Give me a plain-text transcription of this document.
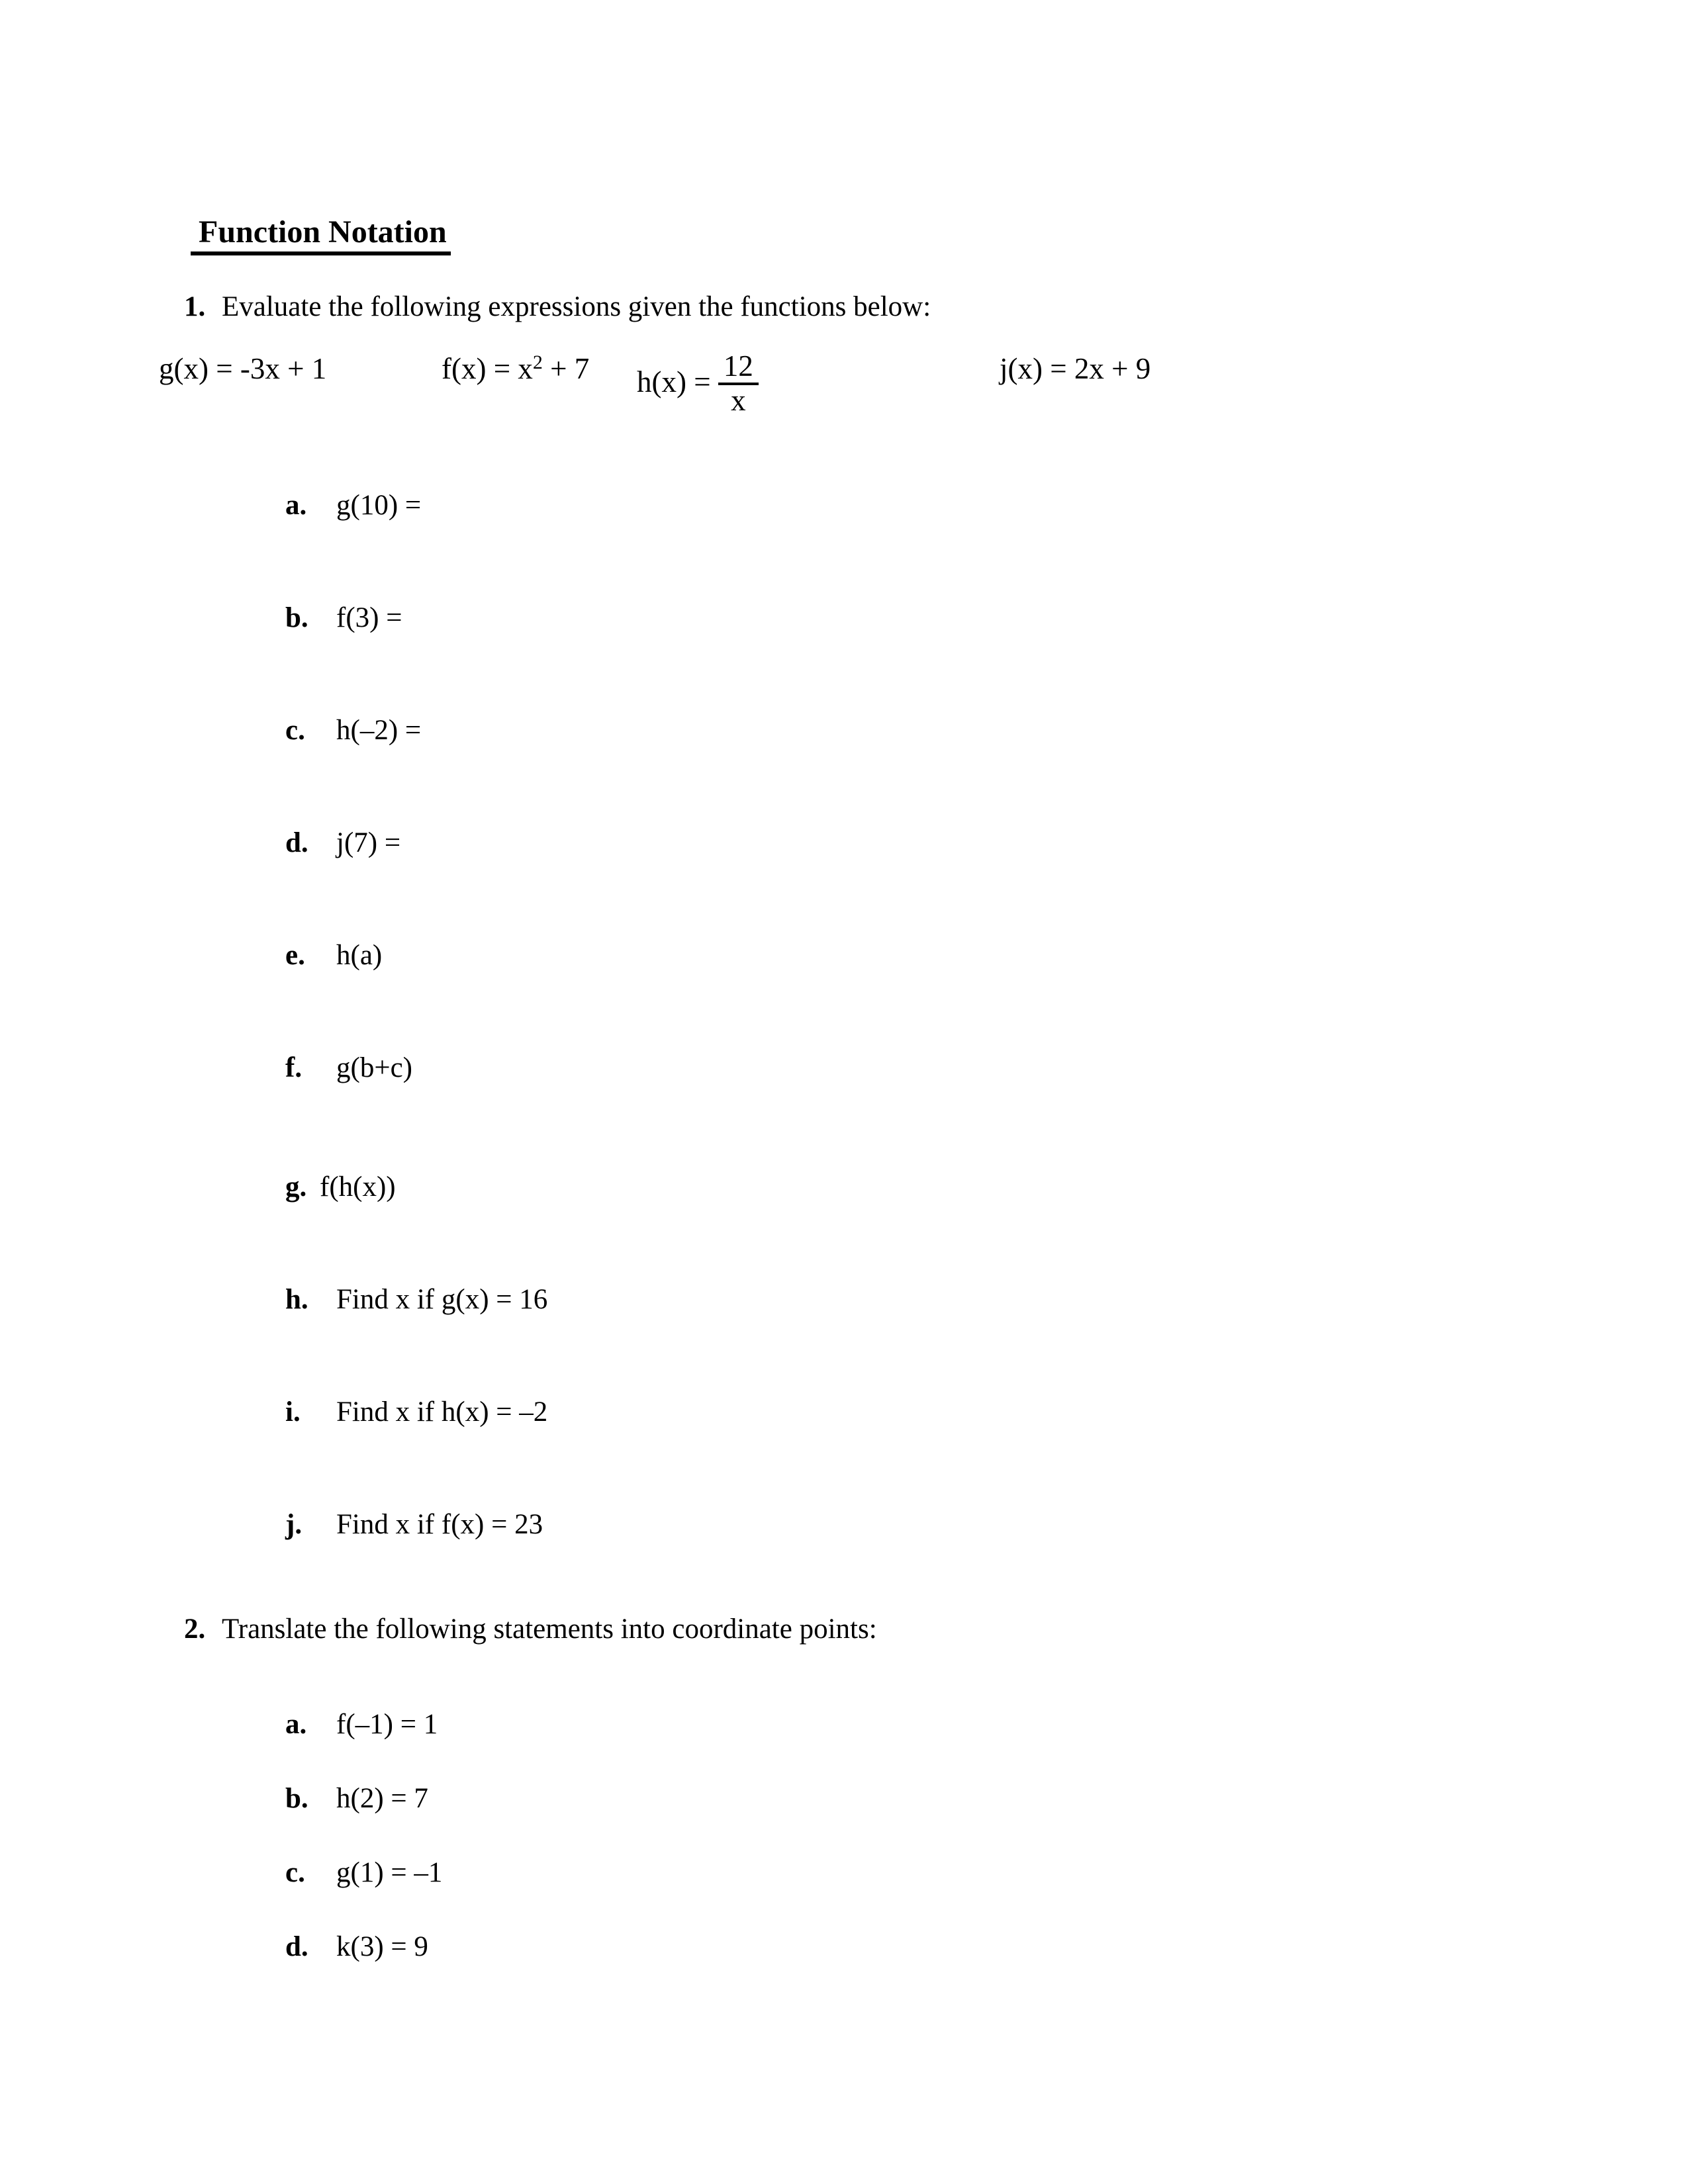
Function Notation

1. Evaluate the following expressions given the functions below:

g(x) = -3x + 1	$f(x) = x^2 + 7$ $h(x) = \frac{12}{x}$	j(x) = 2x + 9

a. g(10) =

b. f(3) =

c. h(–2) =

d. j(7) =

e. h(a)

f. g(b+c)

g. f(h(x))

h. Find x if g(x) = 16

i. Find x if h(x) = –2

j. Find x if f(x) = 23

2. Translate the following statements into coordinate points:

a. f(–1) = 1

b. h(2) = 7

c. g(1) = –1

d. k(3) = 9
